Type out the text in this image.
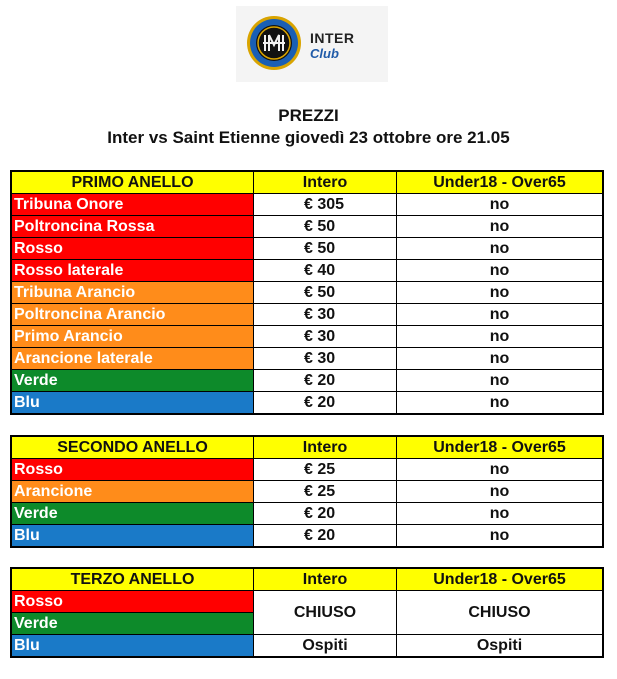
INTER
Club
PREZZI
Inter vs Saint Etienne giovedì 23 ottobre ore 21.05
PRIMO ANELLO	Intero	Under18 - Over65
Tribuna Onore	€ 305	no
Poltroncina Rossa	€ 50	no
Rosso	€ 50	no
Rosso laterale	€ 40	no
Tribuna Arancio	€ 50	no
Poltroncina Arancio	€ 30	no
Primo Arancio	€ 30	no
Arancione laterale	€ 30	no
Verde	€ 20	no
Blu	€ 20	no
SECONDO ANELLO	Intero	Under18 - Over65
Rosso	€ 25	no
Arancione	€ 25	no
Verde	€ 20	no
Blu	€ 20	no
TERZO ANELLO	Intero	Under18 - Over65
Rosso	CHIUSO	CHIUSO
Verde		
Blu	Ospiti	Ospiti
